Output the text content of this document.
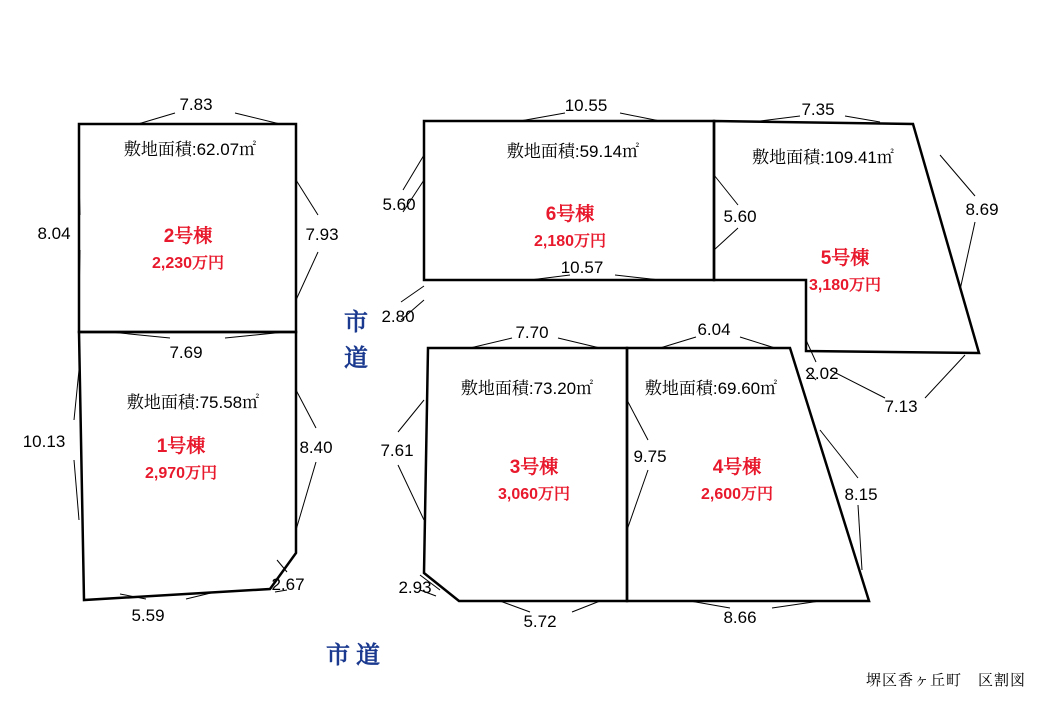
7.83
8.04	7.93
7.69
10.13	8.40
2.67
5.59
10.55
5.60
5.60
10.57
7.35
8.69
2.02
7.13
2.80
7.70	6.04
7.61	9.75
8.15
2.93
5.72	8.66
敷地面積:62.07㎡
敷地面積:75.58㎡
敷地面積:59.14㎡	敷地面積:109.41㎡
敷地面積:73.20㎡	敷地面積:69.60㎡
2号棟
2,230万円
1号棟
2,970万円
6号棟
2,180万円
5号棟
3,180万円
3号棟
3,060万円
4号棟
2,600万円
市
道
市道
堺区香ヶ丘町　区割図
